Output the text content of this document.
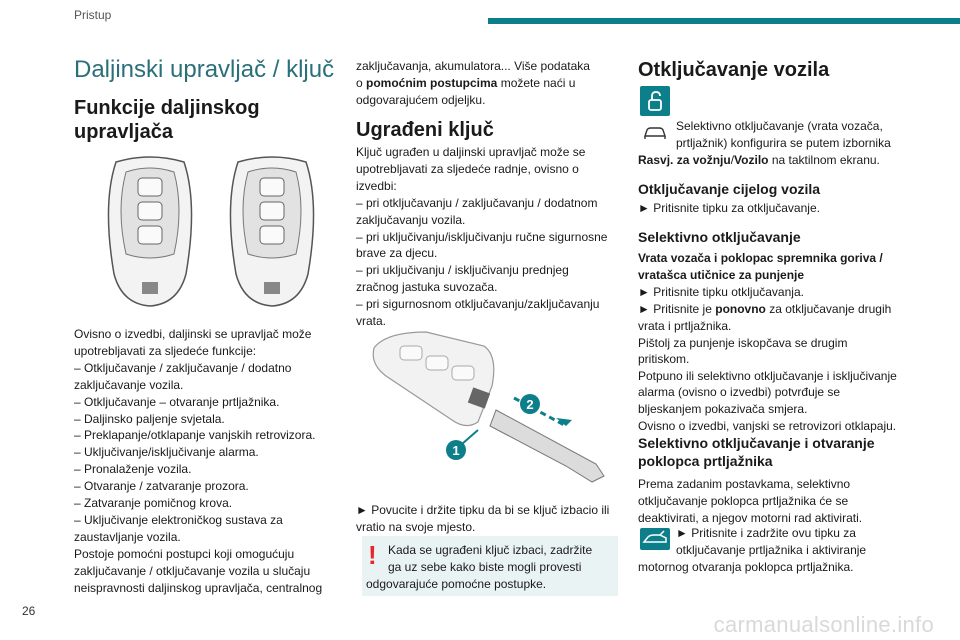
Pristup
26
carmanualsonline.info
Daljinski upravljač / ključ
Funkcije daljinskog
upravljača

Ovisno o izvedbi, daljinski se upravljač može

upotrebljavati za sljedeće funkcije:

– Otključavanje / zaključavanje / dodatno

zaključavanje vozila.

– Otključavanje – otvaranje prtljažnika.

– Daljinsko paljenje svjetala.

– Preklapanje/otklapanje vanjskih retrovizora.

– Uključivanje/isključivanje alarma.

– Pronalaženje vozila.

– Otvaranje / zatvaranje prozora.

– Zatvaranje pomičnog krova.

– Uključivanje elektroničkog sustava za

zaustavljanje vozila.

Postoje pomoćni postupci koji omogućuju

zaključavanje / otključavanje vozila u slučaju

neispravnosti daljinskog upravljača, centralnog

zaključavanja, akumulatora... Više podataka

o pomoćnim postupcima možete naći u

odgovarajućem odjeljku.

Ugrađeni ključ

Ključ ugrađen u daljinski upravljač može se

upotrebljavati za sljedeće radnje, ovisno o

izvedbi:

– pri otključavanju / zaključavanju / dodatnom

zaključavanju vozila.

– pri uključivanju/isključivanju ručne sigurnosne

brave za djecu.

– pri uključivanju / isključivanju prednjeg

zračnog jastuka suvozača.

– pri sigurnosnom otključavanju/zaključavanju

vrata.

2
1

► Povucite i držite tipku da bi se ključ izbacio ili

vratio na svoje mjesto.

! Kada se ugrađeni ključ izbaci, zadržite

ga uz sebe kako biste mogli provesti

odgovarajuće pomoćne postupke.

Otključavanje vozila

Selektivno otključavanje (vrata vozača,

prtljažnik) konfigurira se putem izbornika

Rasvj. za vožnju/Vozilo na taktilnom ekranu.

Otključavanje cijelog vozila

► Pritisnite tipku za otključavanje.

Selektivno otključavanje

Vrata vozača i poklopac spremnika goriva /

vratašca utičnice za punjenje

► Pritisnite tipku otključavanja.

► Pritisnite je ponovno za otključavanje drugih

vrata i prtljažnika.

Pištolj za punjenje iskopčava se drugim

pritiskom.

Potpuno ili selektivno otključavanje i isključivanje

alarma (ovisno o izvedbi) potvrđuje se

bljeskanjem pokazivača smjera.

Ovisno o izvedbi, vanjski se retrovizori otklapaju.

Selektivno otključavanje i otvaranje
poklopca prtljažnika

Prema zadanim postavkama, selektivno

otključavanje poklopca prtljažnika će se

deaktivirati, a njegov motorni rad aktivirati.

► Pritisnite i zadržite ovu tipku za

otključavanje prtljažnika i aktiviranje

motornog otvaranja poklopca prtljažnika.
